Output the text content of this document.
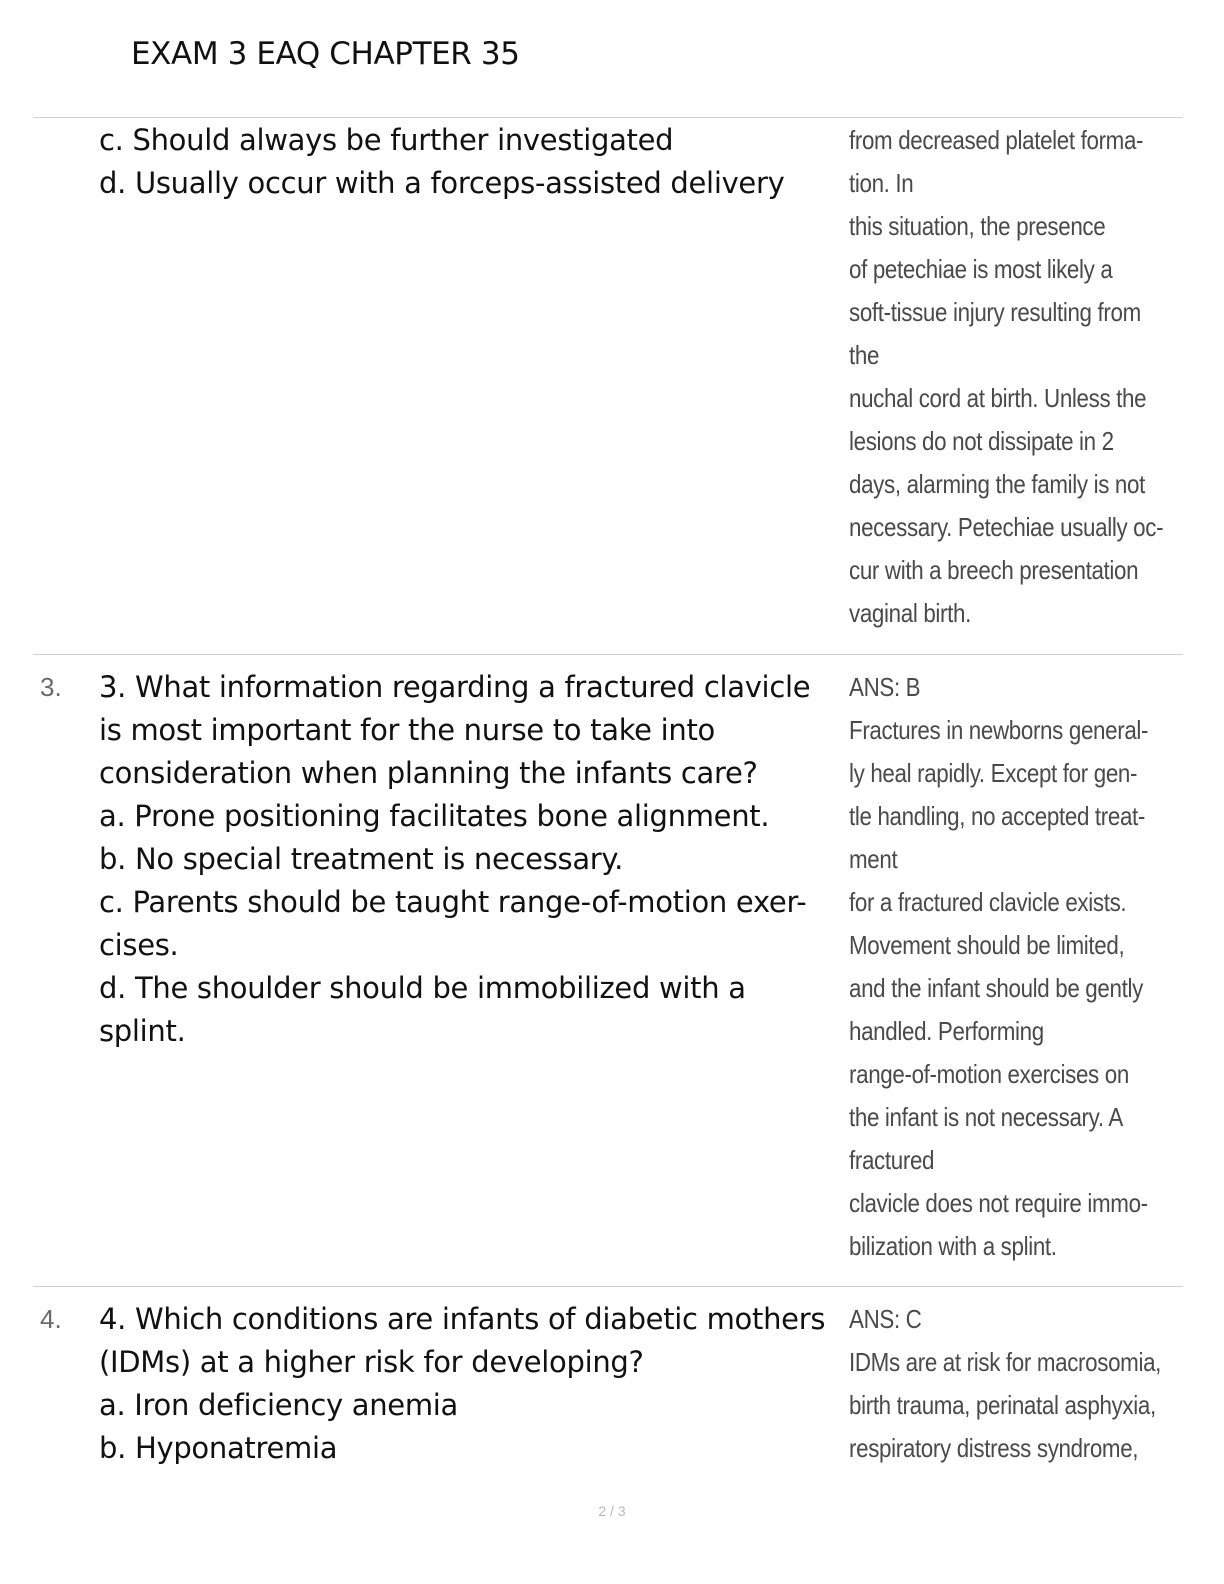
EXAM 3 EAQ CHAPTER 35
c. Should always be further investigated
d. Usually occur with a forceps-assisted delivery
from decreased platelet forma-
tion. In
this situation, the presence
of petechiae is most likely a
soft-tissue injury resulting from
the
nuchal cord at birth. Unless the
lesions do not dissipate in 2
days, alarming the family is not
necessary. Petechiae usually oc-
cur with a breech presentation
vaginal birth.
3. 3. What information regarding a fractured clavicle
is most important for the nurse to take into
consideration when planning the infants care?
a. Prone positioning facilitates bone alignment.
b. No special treatment is necessary.
c. Parents should be taught range-of-motion exer-
cises.
d. The shoulder should be immobilized with a
splint.
ANS: B
Fractures in newborns general-
ly heal rapidly. Except for gen-
tle handling, no accepted treat-
ment
for a fractured clavicle exists.
Movement should be limited,
and the infant should be gently
handled. Performing
range-of-motion exercises on
the infant is not necessary. A
fractured
clavicle does not require immo-
bilization with a splint.
4. 4. Which conditions are infants of diabetic mothers
(IDMs) at a higher risk for developing?
a. Iron deficiency anemia
b. Hyponatremia
ANS: C
IDMs are at risk for macrosomia,
birth trauma, perinatal asphyxia,
respiratory distress syndrome,
2 / 3
